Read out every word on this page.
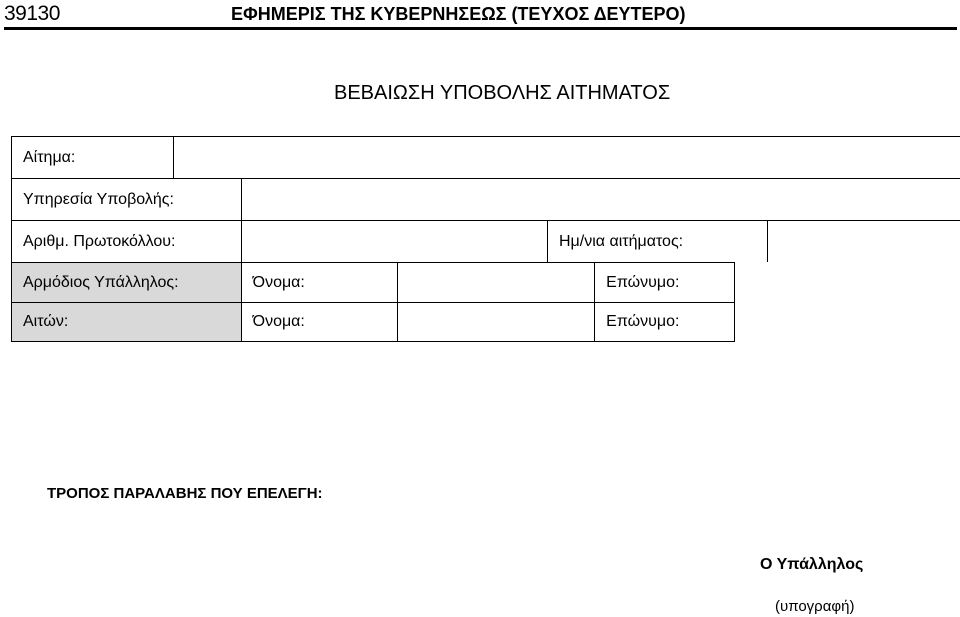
39130	ΕΦΗΜΕΡΙΣ ΤΗΣ ΚΥΒΕΡΝΗΣΕΩΣ (ΤΕΥΧΟΣ ΔΕΥΤΕΡΟ)
ΒΕΒΑΙΩΣΗ ΥΠΟΒΟΛΗΣ ΑΙΤΗΜΑΤΟΣ
Αίτημα:
Υπηρεσία Υποβολής:
Αριθμ. Πρωτοκόλλου:	Ημ/νια αιτήματος:
Αρμόδιος Υπάλληλος:	Όνομα:	Επώνυμο:
Αιτών:	Όνομα:	Επώνυμο:
ΤΡΟΠΟΣ ΠΑΡΑΛΑΒΗΣ ΠΟΥ ΕΠΕΛΕΓΗ:
Ο Υπάλληλος
(υπογραφή)
